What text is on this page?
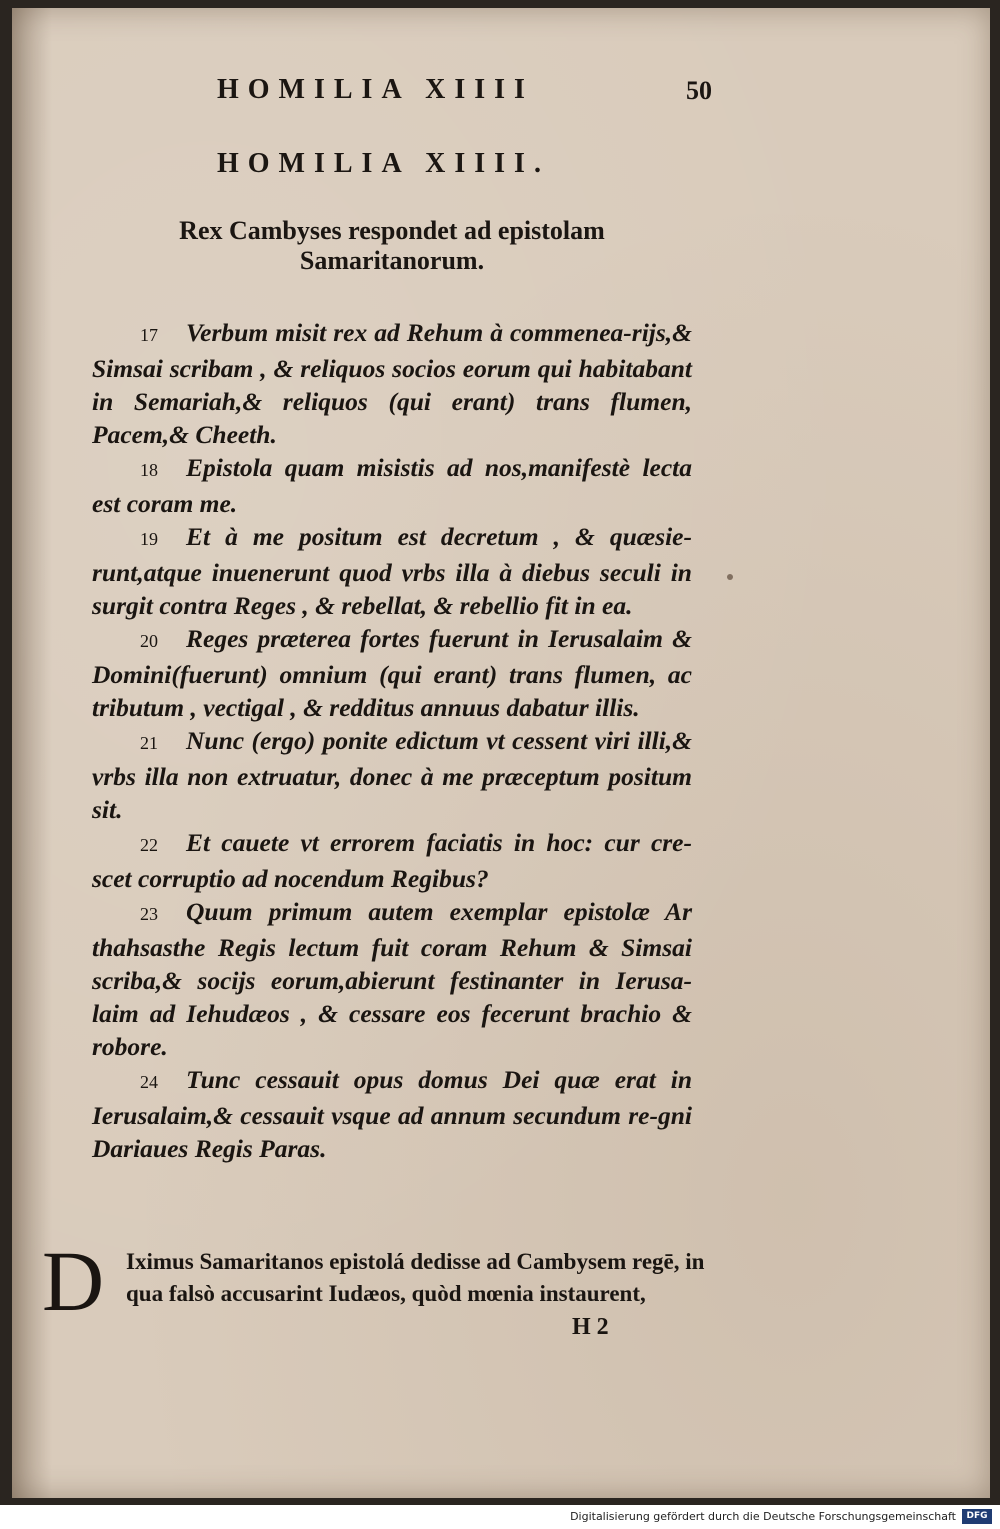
HOMILIA XIIII	50
HOMILIA XIIII.
Rex Cambyses respondet ad epistolam Samaritanorum.

17 Verbum misit rex ad Rehum à commenea-rijs,& Simsai scribam , & reliquos socios eorum qui habitabant in Semariah,& reliquos (qui erant) trans flumen, Pacem,& Cheeth.

18 Epistola quam misistis ad nos,manifestè lecta est coram me.

19 Et à me positum est decretum , & quæsie-runt,atque inuenerunt quod vrbs illa à diebus seculi in surgit contra Reges , & rebellat, & rebellio fit in ea.

20 Reges præterea fortes fuerunt in Ierusalaim & Domini(fuerunt) omnium (qui erant) trans flumen, ac tributum , vectigal , & redditus annuus dabatur illis.

21 Nunc (ergo) ponite edictum vt cessent viri illi,& vrbs illa non extruatur, donec à me præceptum positum sit.

22 Et cauete vt errorem faciatis in hoc: cur cre-scet corruptio ad nocendum Regibus?

23 Quum primum autem exemplar epistolæ Ar thahsasthe Regis lectum fuit coram Rehum & Simsai scriba,& socijs eorum,abierunt festinanter in Ierusa-laim ad Iehudæos , & cessare eos fecerunt brachio & robore.

24 Tunc cessauit opus domus Dei quæ erat in Ierusalaim,& cessauit vsque ad annum secundum re-gni Dariaues Regis Paras.

D Iximus Samaritanos epistolá dedisse ad Cambysem regē, in qua falsò accusarint Iudæos, quòd mœnia instaurent,
H 2
Digitalisierung gefördert durch die Deutsche Forschungsgemeinschaft	DFG
